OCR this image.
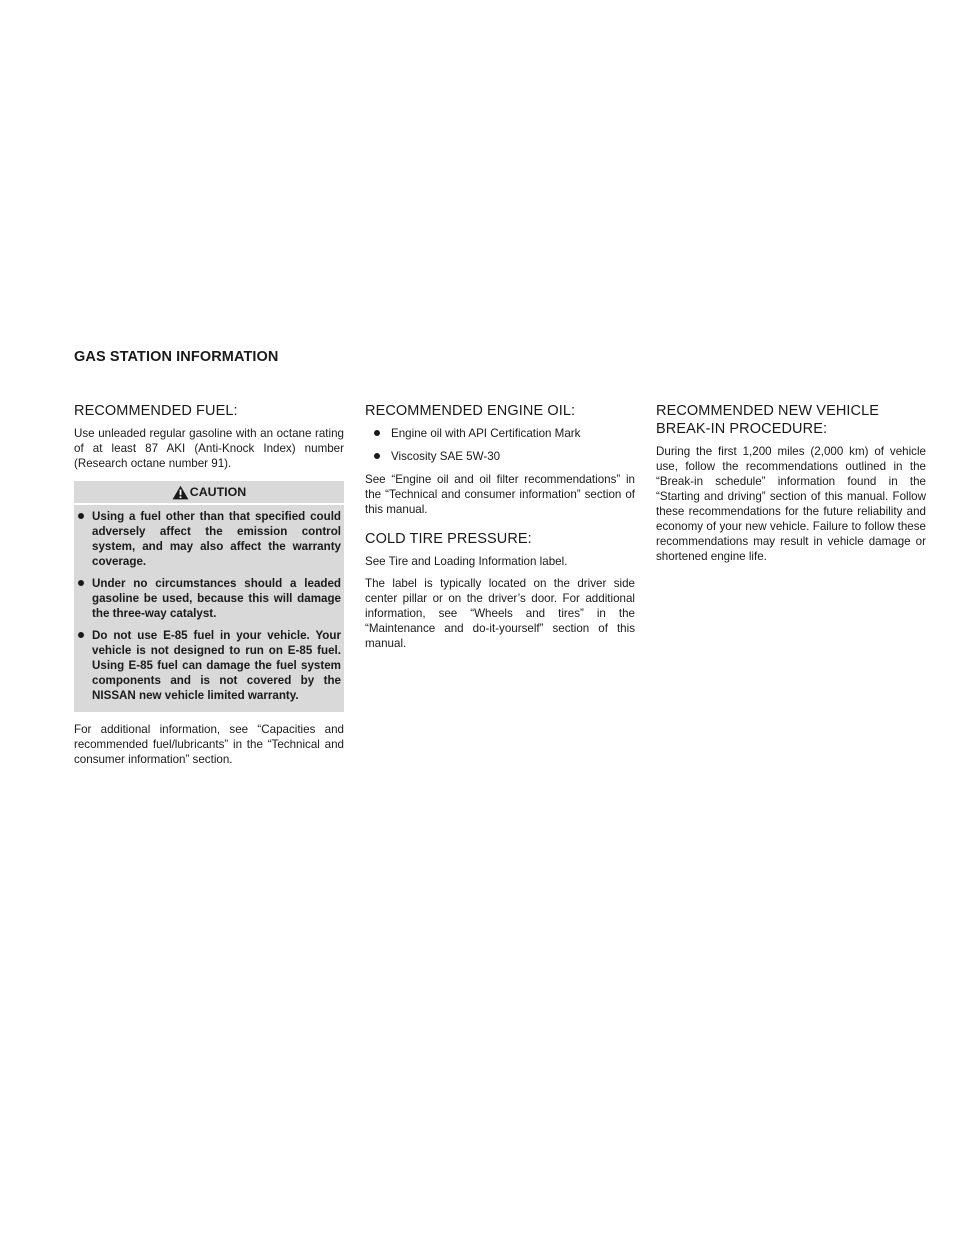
GAS STATION INFORMATION
RECOMMENDED FUEL:

Use unleaded regular gasoline with an octane rating of at least 87 AKI (Anti-Knock Index) number (Research octane number 91).

CAUTION
Using a fuel other than that specified could adversely affect the emission control system, and may also affect the warranty coverage.
Under no circumstances should a leaded gasoline be used, because this will damage the three-way catalyst.
Do not use E-85 fuel in your vehicle. Your vehicle is not designed to run on E-85 fuel. Using E-85 fuel can damage the fuel system components and is not covered by the NISSAN new vehicle limited warranty.

For additional information, see “Capacities and recommended fuel/lubricants” in the “Technical and consumer information” section.

RECOMMENDED ENGINE OIL:
Engine oil with API Certification Mark
Viscosity SAE 5W-30

See “Engine oil and oil filter recommendations” in the “Technical and consumer information” section of this manual.

COLD TIRE PRESSURE:

See Tire and Loading Information label.

The label is typically located on the driver side center pillar or on the driver’s door. For additional information, see “Wheels and tires” in the “Maintenance and do-it-yourself” section of this manual.

RECOMMENDED NEW VEHICLE
BREAK-IN PROCEDURE:

During the first 1,200 miles (2,000 km) of vehicle use, follow the recommendations outlined in the “Break-in schedule” information found in the “Starting and driving” section of this manual. Follow these recommendations for the future reliability and economy of your new vehicle. Failure to follow these recommendations may result in vehicle damage or shortened engine life.
